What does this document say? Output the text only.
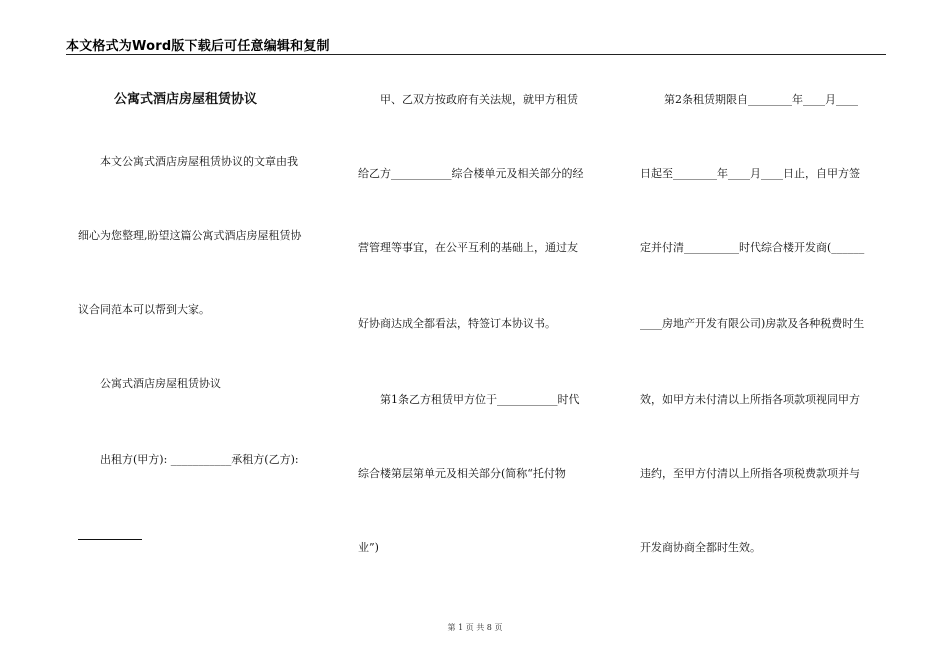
本文格式为Word版下载后可任意编辑和复制
公寓式酒店房屋租赁协议
本文公寓式酒店房屋租赁协议的文章由我
细心为您整理,盼望这篇公寓式酒店房屋租赁协
议合同范本可以帮到大家。
公寓式酒店房屋租赁协议
出租方(甲方): ___________承租方(乙方):
甲、乙双方按政府有关法规，就甲方租赁
给乙方___________综合楼单元及相关部分的经
营管理等事宜，在公平互利的基础上，通过友
好协商达成全都看法，特签订本协议书。
第1条乙方租赁甲方位于___________时代
综合楼第层第单元及相关部分(简称“托付物
业”)
第2条租赁期限自________年____月____
日起至________年____月____日止，自甲方签
定并付清__________时代综合楼开发商(______
____房地产开发有限公司)房款及各种税费时生
效，如甲方未付清以上所指各项款项视同甲方
违约，至甲方付清以上所指各项税费款项并与
开发商协商全都时生效。
第 1 页 共 8 页
